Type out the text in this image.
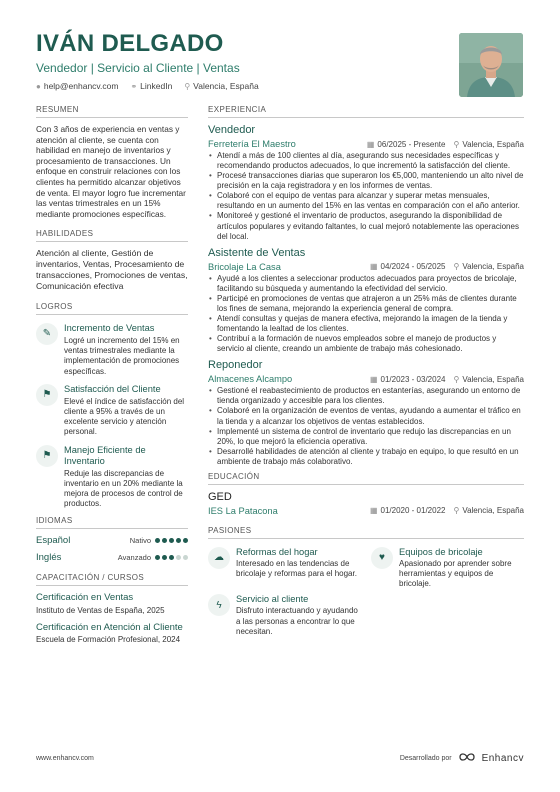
IVÁN DELGADO
Vendedor | Servicio al Cliente | Ventas
● help@enhancv.com ⚭ LinkedIn ⚲ Valencia, España
RESUMEN
Con 3 años de experiencia en ventas y atención al cliente, se cuenta con habilidad en manejo de inventarios y procesamiento de transacciones. Un enfoque en construir relaciones con los clientes ha permitido alcanzar objetivos de venta. El mayor logro fue incrementar las ventas trimestrales en un 15% mediante promociones específicas.
HABILIDADES
Atención al cliente, Gestión de inventarios, Ventas, Procesamiento de transacciones, Promociones de ventas, Comunicación efectiva
LOGROS
✎
Incremento de Ventas
Logré un incremento del 15% en ventas trimestrales mediante la implementación de promociones específicas.
⚑
Satisfacción del Cliente
Elevé el índice de satisfacción del cliente a 95% a través de un excelente servicio y atención personal.
⚑
Manejo Eficiente de Inventario
Reduje las discrepancias de inventario en un 20% mediante la mejora de procesos de control de productos.
IDIOMAS
Español	Nativo
Inglés	Avanzado
CAPACITACIÓN / CURSOS
Certificación en Ventas
Instituto de Ventas de España, 2025
Certificación en Atención al Cliente
Escuela de Formación Profesional, 2024
EXPERIENCIA
Vendedor
Ferretería El Maestro	▦ 06/2025 - Presente ⚲ Valencia, España
• Atendí a más de 100 clientes al día, asegurando sus necesidades específicas y recomendando productos adecuados, lo que incrementó la satisfacción del cliente.
• Procesé transacciones diarias que superaron los €5,000, manteniendo un alto nivel de precisión en la caja registradora y en los informes de ventas.
• Colaboré con el equipo de ventas para alcanzar y superar metas mensuales, resultando en un aumento del 15% en las ventas en comparación con el año anterior.
• Monitoreé y gestioné el inventario de productos, asegurando la disponibilidad de artículos populares y evitando faltantes, lo cual mejoró notablemente las operaciones del local.
Asistente de Ventas
Bricolaje La Casa	▦ 04/2024 - 05/2025 ⚲ Valencia, España
• Ayudé a los clientes a seleccionar productos adecuados para proyectos de bricolaje, facilitando su búsqueda y aumentando la efectividad del servicio.
• Participé en promociones de ventas que atrajeron a un 25% más de clientes durante los fines de semana, mejorando la experiencia general de compra.
• Atendí consultas y quejas de manera efectiva, mejorando la imagen de la tienda y fomentando la lealtad de los clientes.
• Contribuí a la formación de nuevos empleados sobre el manejo de productos y servicio al cliente, creando un ambiente de trabajo más cohesionado.
Reponedor
Almacenes Alcampo	▦ 01/2023 - 03/2024 ⚲ Valencia, España
• Gestioné el reabastecimiento de productos en estanterías, asegurando un entorno de tienda organizado y accesible para los clientes.
• Colaboré en la organización de eventos de ventas, ayudando a aumentar el tráfico en la tienda y a alcanzar los objetivos de ventas establecidos.
• Implementé un sistema de control de inventario que redujo las discrepancias en un 20%, lo que mejoró la eficiencia operativa.
• Desarrollé habilidades de atención al cliente y trabajo en equipo, lo que resultó en un ambiente de trabajo más colaborativo.
EDUCACIÓN
GED
IES La Patacona	▦ 01/2020 - 01/2022 ⚲ Valencia, España
PASIONES
☁
Reformas del hogar
Interesado en las tendencias de bricolaje y reformas para el hogar.
♥
Equipos de bricolaje
Apasionado por aprender sobre herramientas y equipos de bricolaje.
ϟ
Servicio al cliente
Disfruto interactuando y ayudando a las personas a encontrar lo que necesitan.
www.enhancv.com	Desarrollado por	Enhancv
